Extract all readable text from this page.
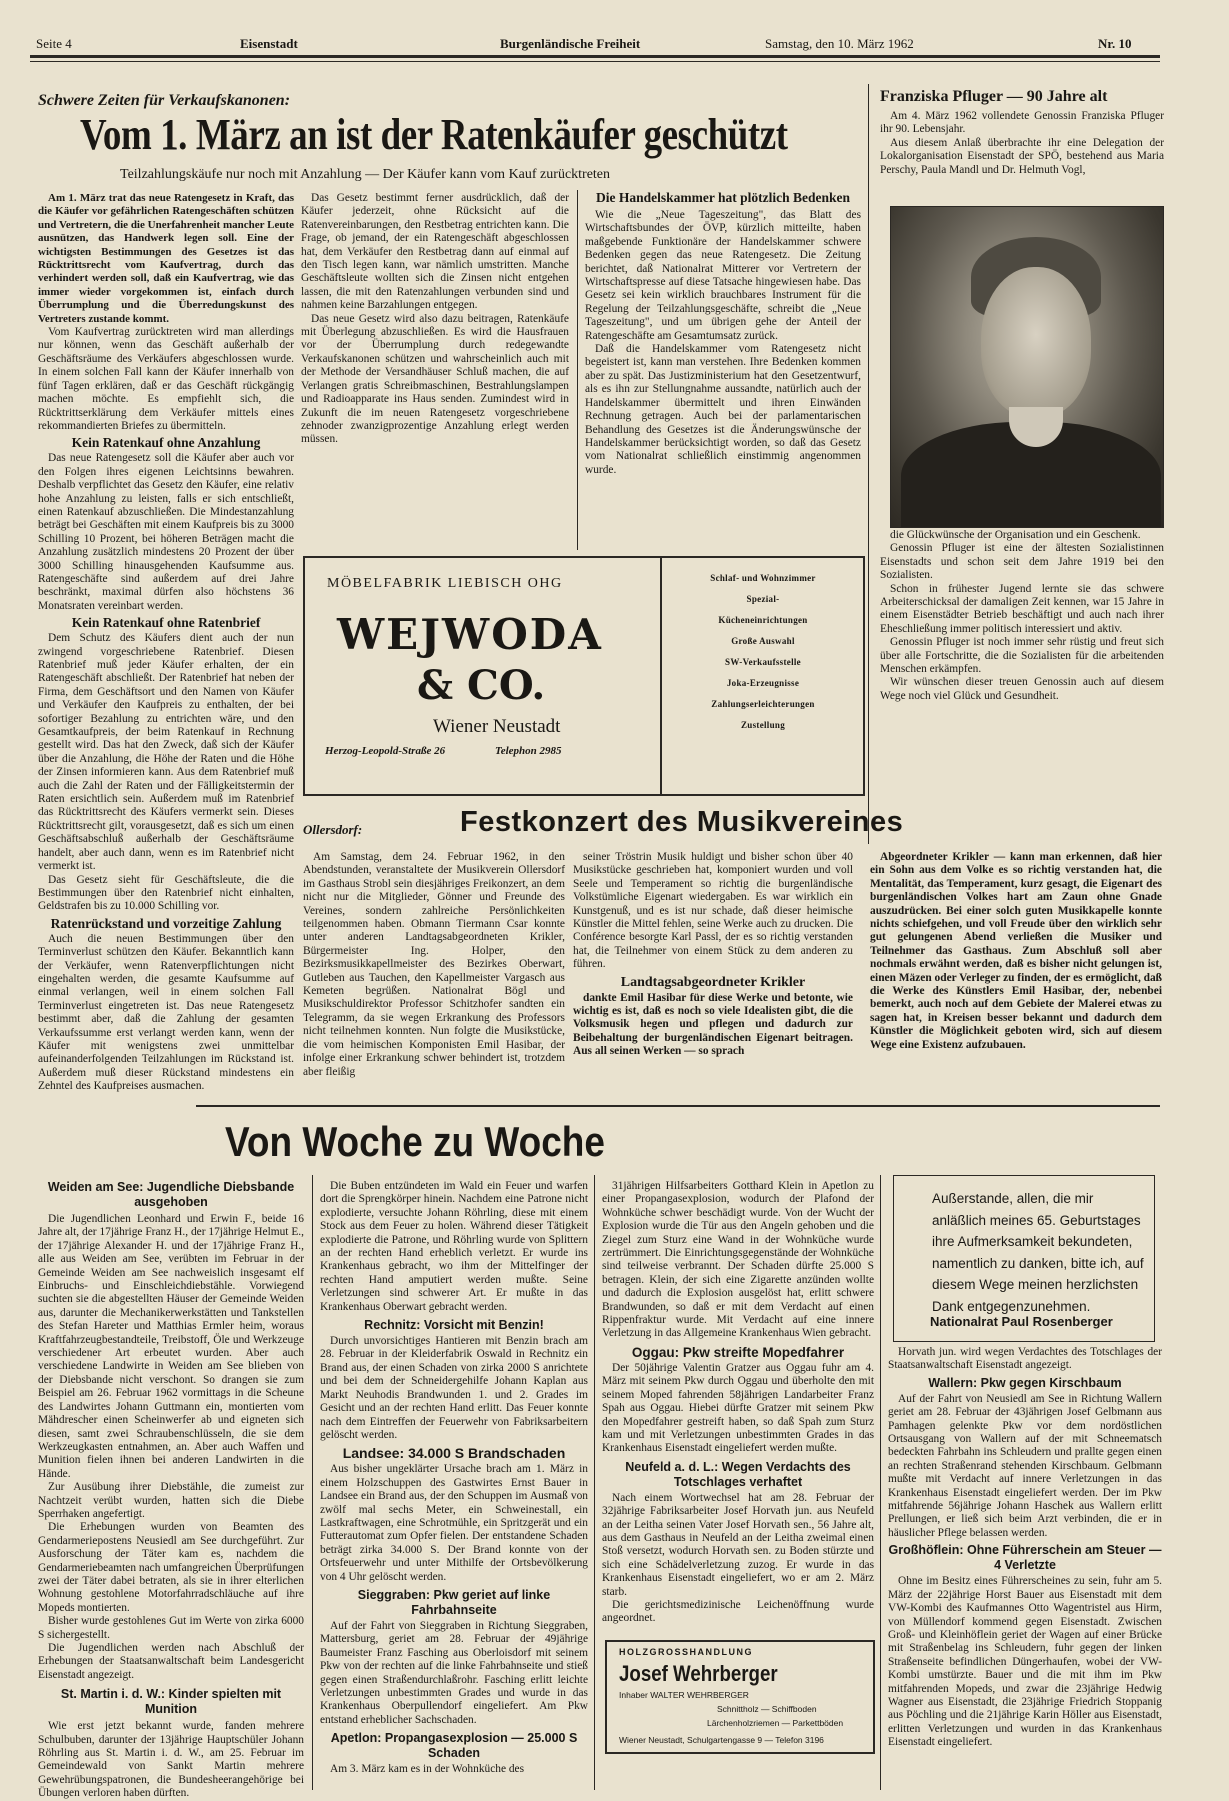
Seite 4	Eisenstadt	Burgenländische Freiheit	Samstag, den 10. März 1962	Nr. 10
Schwere Zeiten für Verkaufskanonen:
Vom 1. März an ist der Ratenkäufer geschützt
Teilzahlungskäufe nur noch mit Anzahlung — Der Käufer kann vom Kauf zurücktreten

Am 1. März trat das neue Ratengesetz in Kraft, das die Käufer vor gefährlichen Ratengeschäften schützen und Vertretern, die die Unerfahrenheit mancher Leute ausnützen, das Handwerk legen soll. Eine der wichtigsten Bestimmungen des Gesetzes ist das Rücktrittsrecht vom Kaufvertrag, durch das verhindert werden soll, daß ein Kaufvertrag, wie das immer wieder vorgekommen ist, einfach durch Überrumplung und die Überredungskunst des Vertreters zustande kommt.

Vom Kaufvertrag zurücktreten wird man allerdings nur können, wenn das Geschäft außerhalb der Geschäftsräume des Verkäufers abgeschlossen wurde. In einem solchen Fall kann der Käufer innerhalb von fünf Tagen erklären, daß er das Geschäft rückgängig machen möchte. Es empfiehlt sich, die Rücktrittserklärung dem Verkäufer mittels eines rekommandierten Briefes zu übermitteln.

Kein Ratenkauf ohne Anzahlung

Das neue Ratengesetz soll die Käufer aber auch vor den Folgen ihres eigenen Leichtsinns bewahren. Deshalb verpflichtet das Gesetz den Käufer, eine relativ hohe Anzahlung zu leisten, falls er sich entschließt, einen Ratenkauf abzuschließen. Die Mindestanzahlung beträgt bei Geschäften mit einem Kaufpreis bis zu 3000 Schilling 10 Prozent, bei höheren Beträgen macht die Anzahlung zusätzlich mindestens 20 Prozent der über 3000 Schilling hinausgehenden Kaufsumme aus. Ratengeschäfte sind außerdem auf drei Jahre beschränkt, maximal dürfen also höchstens 36 Monatsraten vereinbart werden.

Kein Ratenkauf ohne Ratenbrief

Dem Schutz des Käufers dient auch der nun zwingend vorgeschriebene Ratenbrief. Diesen Ratenbrief muß jeder Käufer erhalten, der ein Ratengeschäft abschließt. Der Ratenbrief hat neben der Firma, dem Geschäftsort und den Namen von Käufer und Verkäufer den Kaufpreis zu enthalten, der bei sofortiger Bezahlung zu entrichten wäre, und den Gesamtkaufpreis, der beim Ratenkauf in Rechnung gestellt wird. Das hat den Zweck, daß sich der Käufer über die Anzahlung, die Höhe der Raten und die Höhe der Zinsen informieren kann. Aus dem Ratenbrief muß auch die Zahl der Raten und der Fälligkeitstermin der Raten ersichtlich sein. Außerdem muß im Ratenbrief das Rücktrittsrecht des Käufers vermerkt sein. Dieses Rücktrittsrecht gilt, vorausgesetzt, daß es sich um einen Geschäftsabschluß außerhalb der Geschäftsräume handelt, aber auch dann, wenn es im Ratenbrief nicht vermerkt ist.

Das Gesetz sieht für Geschäftsleute, die die Bestimmungen über den Ratenbrief nicht einhalten, Geldstrafen bis zu 10.000 Schilling vor.

Ratenrückstand und vorzeitige Zahlung

Auch die neuen Bestimmungen über den Terminverlust schützen den Käufer. Bekanntlich kann der Verkäufer, wenn Ratenverpflichtungen nicht eingehalten werden, die gesamte Kaufsumme auf einmal verlangen, weil in einem solchen Fall Terminverlust eingetreten ist. Das neue Ratengesetz bestimmt aber, daß die Zahlung der gesamten Verkaufssumme erst verlangt werden kann, wenn der Käufer mit wenigstens zwei unmittelbar aufeinanderfolgenden Teilzahlungen im Rückstand ist. Außerdem muß dieser Rückstand mindestens ein Zehntel des Kaufpreises ausmachen.

Das Gesetz bestimmt ferner ausdrücklich, daß der Käufer jederzeit, ohne Rücksicht auf die Ratenvereinbarungen, den Restbetrag entrichten kann. Die Frage, ob jemand, der ein Ratengeschäft abgeschlossen hat, dem Verkäufer den Restbetrag dann auf einmal auf den Tisch legen kann, war nämlich umstritten. Manche Geschäftsleute wollten sich die Zinsen nicht entgehen lassen, die mit den Ratenzahlungen verbunden sind und nahmen keine Barzahlungen entgegen.

Das neue Gesetz wird also dazu beitragen, Ratenkäufe mit Überlegung abzuschließen. Es wird die Hausfrauen vor der Überrumplung durch redegewandte Verkaufskanonen schützen und wahrscheinlich auch mit der Methode der Versandhäuser Schluß machen, die auf Verlangen gratis Schreibmaschinen, Bestrahlungslampen und Radioapparate ins Haus senden. Zumindest wird in Zukunft die im neuen Ratengesetz vorgeschriebene zehnoder zwanzigprozentige Anzahlung erlegt werden müssen.

Die Handelskammer hat plötzlich Bedenken

Wie die „Neue Tageszeitung", das Blatt des Wirtschaftsbundes der ÖVP, kürzlich mitteilte, haben maßgebende Funktionäre der Handelskammer schwere Bedenken gegen das neue Ratengesetz. Die Zeitung berichtet, daß Nationalrat Mitterer vor Vertretern der Wirtschaftspresse auf diese Tatsache hingewiesen habe. Das Gesetz sei kein wirklich brauchbares Instrument für die Regelung der Teilzahlungsgeschäfte, schreibt die „Neue Tageszeitung", und um übrigen gehe der Anteil der Ratengeschäfte am Gesamtumsatz zurück.

Daß die Handelskammer vom Ratengesetz nicht begeistert ist, kann man verstehen. Ihre Bedenken kommen aber zu spät. Das Justizministerium hat den Gesetzentwurf, als es ihn zur Stellungnahme aussandte, natürlich auch der Handelskammer übermittelt und ihren Einwänden Rechnung getragen. Auch bei der parlamentarischen Behandlung des Gesetzes ist die Änderungswünsche der Handelskammer berücksichtigt worden, so daß das Gesetz vom Nationalrat schließlich einstimmig angenommen wurde.

Franziska Pfluger — 90 Jahre alt

Am 4. März 1962 vollendete Genossin Franziska Pfluger ihr 90. Lebensjahr.

Aus diesem Anlaß überbrachte ihr eine Delegation der Lokalorganisation Eisenstadt der SPÖ, bestehend aus Maria Perschy, Paula Mandl und Dr. Helmuth Vogl,

die Glückwünsche der Organisation und ein Geschenk.

Genossin Pfluger ist eine der ältesten Sozialistinnen Eisenstadts und schon seit dem Jahre 1919 bei den Sozialisten.

Schon in frühester Jugend lernte sie das schwere Arbeiterschicksal der damaligen Zeit kennen, war 15 Jahre in einem Eisenstädter Betrieb beschäftigt und auch nach ihrer Eheschließung immer politisch interessiert und aktiv.

Genossin Pfluger ist noch immer sehr rüstig und freut sich über alle Fortschritte, die die Sozialisten für die arbeitenden Menschen erkämpfen.

Wir wünschen dieser treuen Genossin auch auf diesem Wege noch viel Glück und Gesundheit.

MÖBELFABRIK LIEBISCH OHG
WEJWODA
& CO.
Wiener Neustadt
Herzog-Leopold-Straße 26	Telephon 2985
Schlaf- und Wohnzimmer
Spezial-
Kücheneinrichtungen
Große Auswahl
SW-Verkaufsstelle
Joka-Erzeugnisse
Zahlungserleichterungen
Zustellung
Ollersdorf:	Festkonzert des Musikvereines

Am Samstag, dem 24. Februar 1962, in den Abendstunden, veranstaltete der Musikverein Ollersdorf im Gasthaus Strobl sein diesjähriges Freikonzert, an dem nicht nur die Mitglieder, Gönner und Freunde des Vereines, sondern zahlreiche Persönlichkeiten teilgenommen haben. Obmann Tiermann Csar konnte unter anderen Landtagsabgeordneten Krikler, Bürgermeister Ing. Holper, den Bezirksmusikkapellmeister des Bezirkes Oberwart, Gutleben aus Tauchen, den Kapellmeister Vargasch aus Kemeten begrüßen. Nationalrat Bögl und Musikschuldirektor Professor Schitzhofer sandten ein Telegramm, da sie wegen Erkrankung des Professors nicht teilnehmen konnten. Nun folgte die Musikstücke, die vom heimischen Komponisten Emil Hasibar, der infolge einer Erkrankung schwer behindert ist, trotzdem aber fleißig

seiner Tröstrin Musik huldigt und bisher schon über 40 Musikstücke geschrieben hat, komponiert wurden und voll Seele und Temperament so richtig die burgenländische Volkstümliche Eigenart wiedergaben. Es war wirklich ein Kunstgenuß, und es ist nur schade, daß dieser heimische Künstler die Mittel fehlen, seine Werke auch zu drucken. Die Conférence besorgte Karl Passl, der es so richtig verstanden hat, die Teilnehmer von einem Stück zu dem anderen zu führen.

Landtagsabgeordneter Krikler

dankte Emil Hasibar für diese Werke und betonte, wie wichtig es ist, daß es noch so viele Idealisten gibt, die die Volksmusik hegen und pflegen und dadurch zur Beibehaltung der burgenländischen Eigenart beitragen. Aus all seinen Werken — so sprach

Abgeordneter Krikler — kann man erkennen, daß hier ein Sohn aus dem Volke es so richtig verstanden hat, die Mentalität, das Temperament, kurz gesagt, die Eigenart des burgenländischen Volkes hart am Zaun ohne Gnade auszudrücken. Bei einer solch guten Musikkapelle konnte nichts schiefgehen, und voll Freude über den wirklich sehr gut gelungenen Abend verließen die Musiker und Teilnehmer das Gasthaus. Zum Abschluß soll aber nochmals erwähnt werden, daß es bisher nicht gelungen ist, einen Mäzen oder Verleger zu finden, der es ermöglicht, daß die Werke des Künstlers Emil Hasibar, der, nebenbei bemerkt, auch noch auf dem Gebiete der Malerei etwas zu sagen hat, in Kreisen besser bekannt und dadurch dem Künstler die Möglichkeit geboten wird, sich auf diesem Wege eine Existenz aufzubauen.

Von Woche zu Woche
Weiden am See: Jugendliche Diebsbande ausgehoben

Die Jugendlichen Leonhard und Erwin F., beide 16 Jahre alt, der 17jährige Franz H., der 17jährige Helmut E., der 17jährige Alexander H. und der 17jährige Franz H., alle aus Weiden am See, verübten im Februar in der Gemeinde Weiden am See nachweislich insgesamt elf Einbruchs- und Einschleichdiebstähle. Vorwiegend suchten sie die abgestellten Häuser der Gemeinde Weiden aus, darunter die Mechanikerwerkstätten und Tankstellen des Stefan Hareter und Matthias Ermler heim, woraus Kraftfahrzeugbestandteile, Treibstoff, Öle und Werkzeuge verschiedener Art erbeutet wurden. Aber auch verschiedene Landwirte in Weiden am See blieben von der Diebsbande nicht verschont. So drangen sie zum Beispiel am 26. Februar 1962 vormittags in die Scheune des Landwirtes Johann Guttmann ein, montierten vom Mähdrescher einen Scheinwerfer ab und eigneten sich diesen, samt zwei Schraubenschlüsseln, die sie dem Werkzeugkasten entnahmen, an. Aber auch Waffen und Munition fielen ihnen bei anderen Landwirten in die Hände.

Zur Ausübung ihrer Diebstähle, die zumeist zur Nachtzeit verübt wurden, hatten sich die Diebe Sperrhaken angefertigt.

Die Erhebungen wurden von Beamten des Gendarmeriepostens Neusiedl am See durchgeführt. Zur Ausforschung der Täter kam es, nachdem die Gendarmeriebeamten nach umfangreichen Überprüfungen zwei der Täter dabei betraten, als sie in ihrer elterlichen Wohnung gestohlene Motorfahrradschläuche auf ihre Mopeds montierten.

Bisher wurde gestohlenes Gut im Werte von zirka 6000 S sichergestellt.

Die Jugendlichen werden nach Abschluß der Erhebungen der Staatsanwaltschaft beim Landesgericht Eisenstadt angezeigt.

St. Martin i. d. W.: Kinder spielten mit Munition

Wie erst jetzt bekannt wurde, fanden mehrere Schulbuben, darunter der 13jährige Hauptschüler Johann Röhrling aus St. Martin i. d. W., am 25. Februar im Gemeindewald von Sankt Martin mehrere Gewehrübungspatronen, die Bundesheerangehörige bei Übungen verloren haben dürften.

Die Buben entzündeten im Wald ein Feuer und warfen dort die Sprengkörper hinein. Nachdem eine Patrone nicht explodierte, versuchte Johann Röhrling, diese mit einem Stock aus dem Feuer zu holen. Während dieser Tätigkeit explodierte die Patrone, und Röhrling wurde von Splittern an der rechten Hand erheblich verletzt. Er wurde ins Krankenhaus gebracht, wo ihm der Mittelfinger der rechten Hand amputiert werden mußte. Seine Verletzungen sind schwerer Art. Er mußte in das Krankenhaus Oberwart gebracht werden.

Rechnitz: Vorsicht mit Benzin!

Durch unvorsichtiges Hantieren mit Benzin brach am 28. Februar in der Kleiderfabrik Oswald in Rechnitz ein Brand aus, der einen Schaden von zirka 2000 S anrichtete und bei dem der Schneidergehilfe Johann Kaplan aus Markt Neuhodis Brandwunden 1. und 2. Grades im Gesicht und an der rechten Hand erlitt. Das Feuer konnte nach dem Eintreffen der Feuerwehr von Fabriksarbeitern gelöscht werden.

Landsee: 34.000 S Brandschaden

Aus bisher ungeklärter Ursache brach am 1. März in einem Holzschuppen des Gastwirtes Ernst Bauer in Landsee ein Brand aus, der den Schuppen im Ausmaß von zwölf mal sechs Meter, ein Schweinestall, ein Lastkraftwagen, eine Schrotmühle, ein Spritzgerät und ein Futterautomat zum Opfer fielen. Der entstandene Schaden beträgt zirka 34.000 S. Der Brand konnte von der Ortsfeuerwehr und unter Mithilfe der Ortsbevölkerung von 4 Uhr gelöscht werden.

Sieggraben: Pkw geriet auf linke Fahrbahnseite

Auf der Fahrt von Sieggraben in Richtung Sieggraben, Mattersburg, geriet am 28. Februar der 49jährige Baumeister Franz Fasching aus Oberloisdorf mit seinem Pkw von der rechten auf die linke Fahrbahnseite und stieß gegen einen Straßendurchlaßrohr. Fasching erlitt leichte Verletzungen unbestimmten Grades und wurde in das Krankenhaus Oberpullendorf eingeliefert. Am Pkw entstand erheblicher Sachschaden.

Apetlon: Propangasexplosion — 25.000 S Schaden

Am 3. März kam es in der Wohnküche des

31jährigen Hilfsarbeiters Gotthard Klein in Apetlon zu einer Propangasexplosion, wodurch der Plafond der Wohnküche schwer beschädigt wurde. Von der Wucht der Explosion wurde die Tür aus den Angeln gehoben und die Ziegel zum Sturz eine Wand in der Wohnküche wurde zertrümmert. Die Einrichtungsgegenstände der Wohnküche sind teilweise verbrannt. Der Schaden dürfte 25.000 S betragen. Klein, der sich eine Zigarette anzünden wollte und dadurch die Explosion ausgelöst hat, erlitt schwere Brandwunden, so daß er mit dem Verdacht auf einen Rippenfraktur wurde. Mit Verdacht auf eine innere Verletzung in das Allgemeine Krankenhaus Wien gebracht.

Oggau: Pkw streifte Mopedfahrer

Der 50jährige Valentin Gratzer aus Oggau fuhr am 4. März mit seinem Pkw durch Oggau und überholte den mit seinem Moped fahrenden 58jährigen Landarbeiter Franz Spah aus Oggau. Hiebei dürfte Gratzer mit seinem Pkw den Mopedfahrer gestreift haben, so daß Spah zum Sturz kam und mit Verletzungen unbestimmten Grades in das Krankenhaus Eisenstadt eingeliefert werden mußte.

Neufeld a. d. L.: Wegen Verdachts des Totschlages verhaftet

Nach einem Wortwechsel hat am 28. Februar der 32jährige Fabriksarbeiter Josef Horvath jun. aus Neufeld an der Leitha seinen Vater Josef Horvath sen., 56 Jahre alt, aus dem Gasthaus in Neufeld an der Leitha zweimal einen Stoß versetzt, wodurch Horvath sen. zu Boden stürzte und sich eine Schädelverletzung zuzog. Er wurde in das Krankenhaus Eisenstadt eingeliefert, wo er am 2. März starb.

Die gerichtsmedizinische Leichenöffnung wurde angeordnet.

HOLZGROSSHANDLUNG
Josef Wehrberger
Inhaber WALTER WEHRBERGER
Schnittholz — Schiffboden
Lärchenholzriemen — Parkettböden
Wiener Neustadt, Schulgartengasse 9 — Telefon 3196
Außerstande, allen, die mir anläßlich meines 65. Geburtstages ihre Aufmerksamkeit bekundeten, namentlich zu danken, bitte ich, auf diesem Wege meinen herzlichsten Dank entgegenzunehmen.
Nationalrat Paul Rosenberger

Horvath jun. wird wegen Verdachtes des Totschlages der Staatsanwaltschaft Eisenstadt angezeigt.

Wallern: Pkw gegen Kirschbaum

Auf der Fahrt von Neusiedl am See in Richtung Wallern geriet am 28. Februar der 43jährigen Josef Gelbmann aus Pamhagen gelenkte Pkw vor dem nordöstlichen Ortsausgang von Wallern auf der mit Schneematsch bedeckten Fahrbahn ins Schleudern und prallte gegen einen an rechten Straßenrand stehenden Kirschbaum. Gelbmann mußte mit Verdacht auf innere Verletzungen in das Krankenhaus Eisenstadt eingeliefert werden. Der im Pkw mitfahrende 56jährige Johann Haschek aus Wallern erlitt Prellungen, er ließ sich beim Arzt verbinden, die er in häuslicher Pflege belassen werden.

Großhöflein: Ohne Führerschein am Steuer — 4 Verletzte

Ohne im Besitz eines Führerscheines zu sein, fuhr am 5. März der 22jährige Horst Bauer aus Eisenstadt mit dem VW-Kombi des Kaufmannes Otto Wagentristel aus Hirm, von Müllendorf kommend gegen Eisenstadt. Zwischen Groß- und Kleinhöflein geriet der Wagen auf einer Brücke mit Straßenbelag ins Schleudern, fuhr gegen der linken Straßenseite befindlichen Düngerhaufen, wobei der VW-Kombi umstürzte. Bauer und die mit ihm im Pkw mitfahrenden Mopeds, und zwar die 23jährige Hedwig Wagner aus Eisenstadt, die 23jährige Friedrich Stoppanig aus Pöchling und die 21jährige Karin Höller aus Eisenstadt, erlitten Verletzungen und wurden in das Krankenhaus Eisenstadt eingeliefert.
